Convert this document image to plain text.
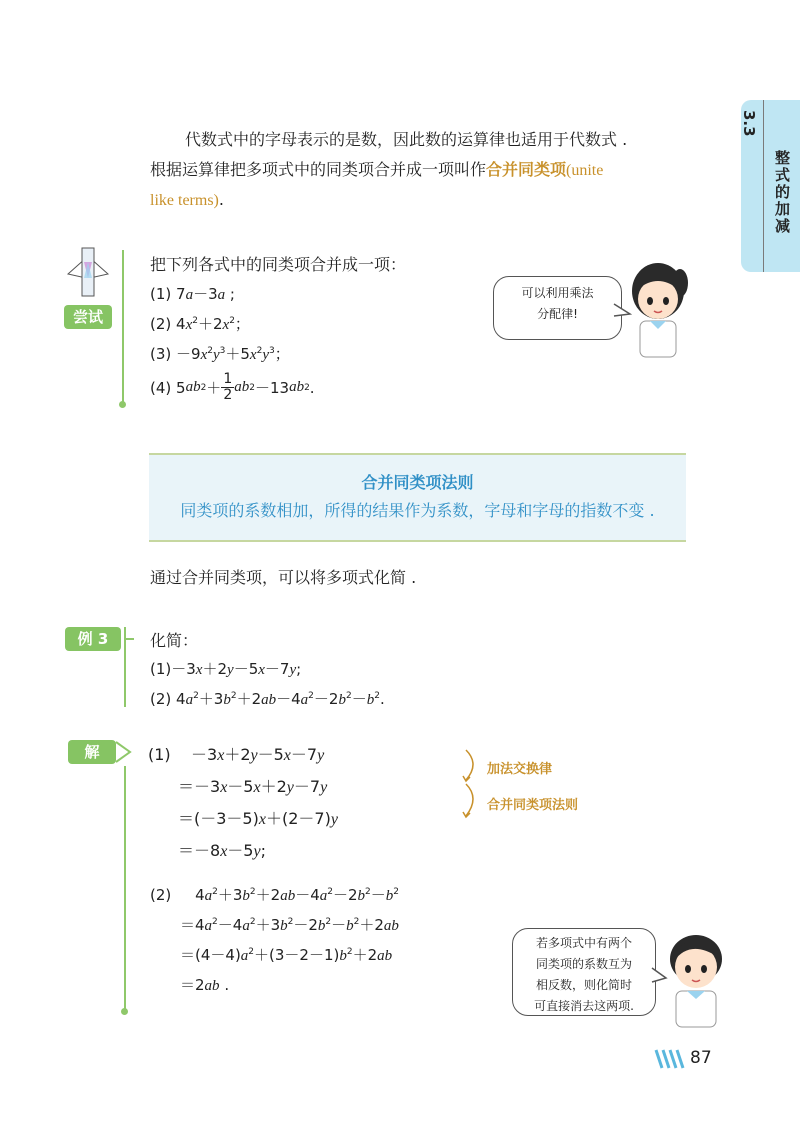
3.3
整式的加减
代数式中的字母表示的是数，因此数的运算律也适用于代数式 .
根据运算律把多项式中的同类项合并成一项叫作合并同类项(unite
like terms).
尝试
把下列各式中的同类项合并成一项：
(1) 7a－3a ;
(2) $4x^2+2x^2$；
$(3) -9x^2y^3+5x^2y^3$；
(4) 5 ab 2 ＋ 1
2 ab 2 －13 ab 2 .
可以利用乘法
分配律!
合并同类项法则
同类项的系数相加，所得的结果作为系数，字母和字母的指数不变 .
通过合并同类项，可以将多项式化简 .
例 3	化简：
(1)－3x＋2y－5x－7y;
(2) $4a^2+3b^2+2ab-4a^2-2b^2-b^2$.
解	(1)    －3x＋2y－5x－7y
＝－3x－5x＋2y－7y
＝(－3－5)x＋(2－7)y
＝－8x－5y;
加法交换律
合并同类项法则
(2)     $4a^2+3b^2+2ab-4a^2-2b^2-b^2$
$=4a^2-4a^2+3b^2-2b^2-b^2+2ab$
$=(4-4)a^2+(3-2-1)b^2+2ab$
＝2ab .
若多项式中有两个
同类项的系数互为
相反数，则化简时
可直接消去这两项.
87
